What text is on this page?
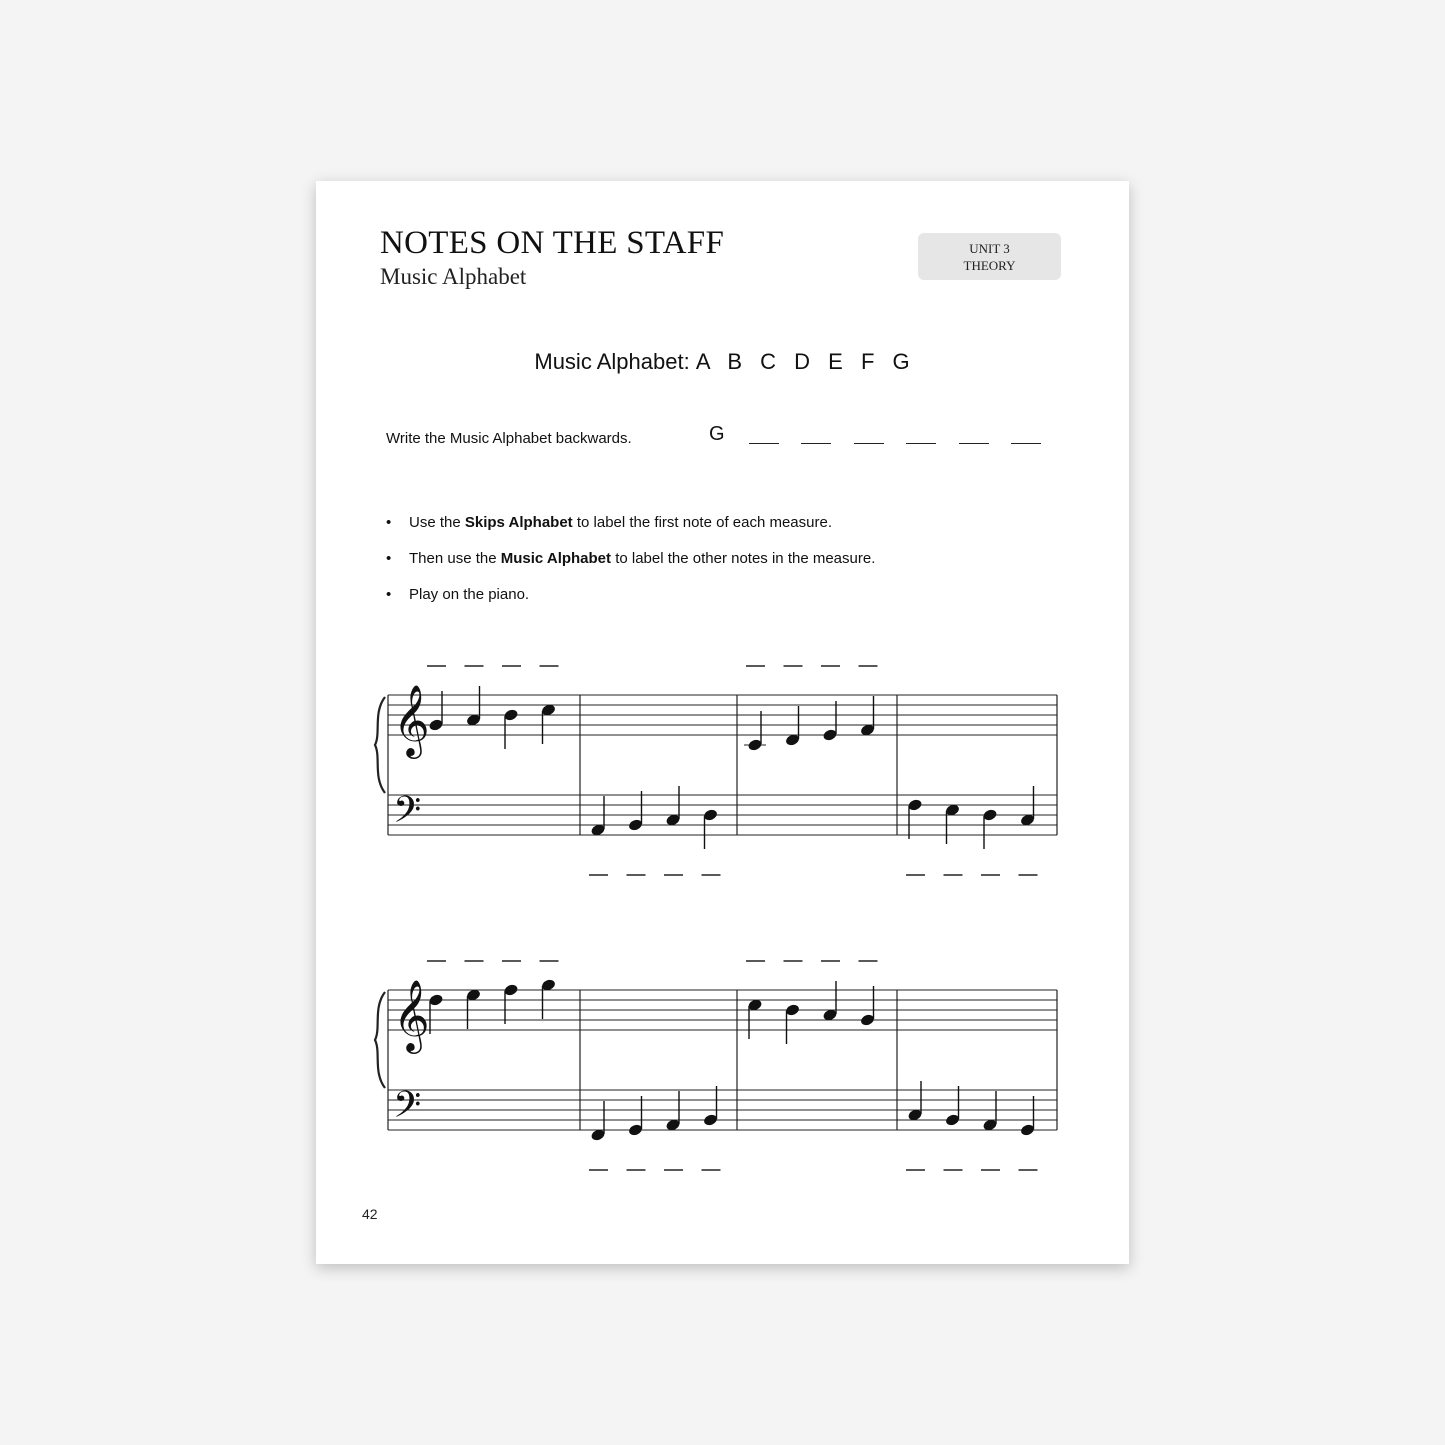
NOTES ON THE STAFF
Music Alphabet
UNIT 3
THEORY
Music Alphabet: A B C D E F G
Write the Music Alphabet backwards.	G
• Use the Skips Alphabet to label the first note of each measure.
• Then use the Music Alphabet to label the other notes in the measure.
• Play on the piano.
𝄞
𝄢
𝄞
𝄢
42
